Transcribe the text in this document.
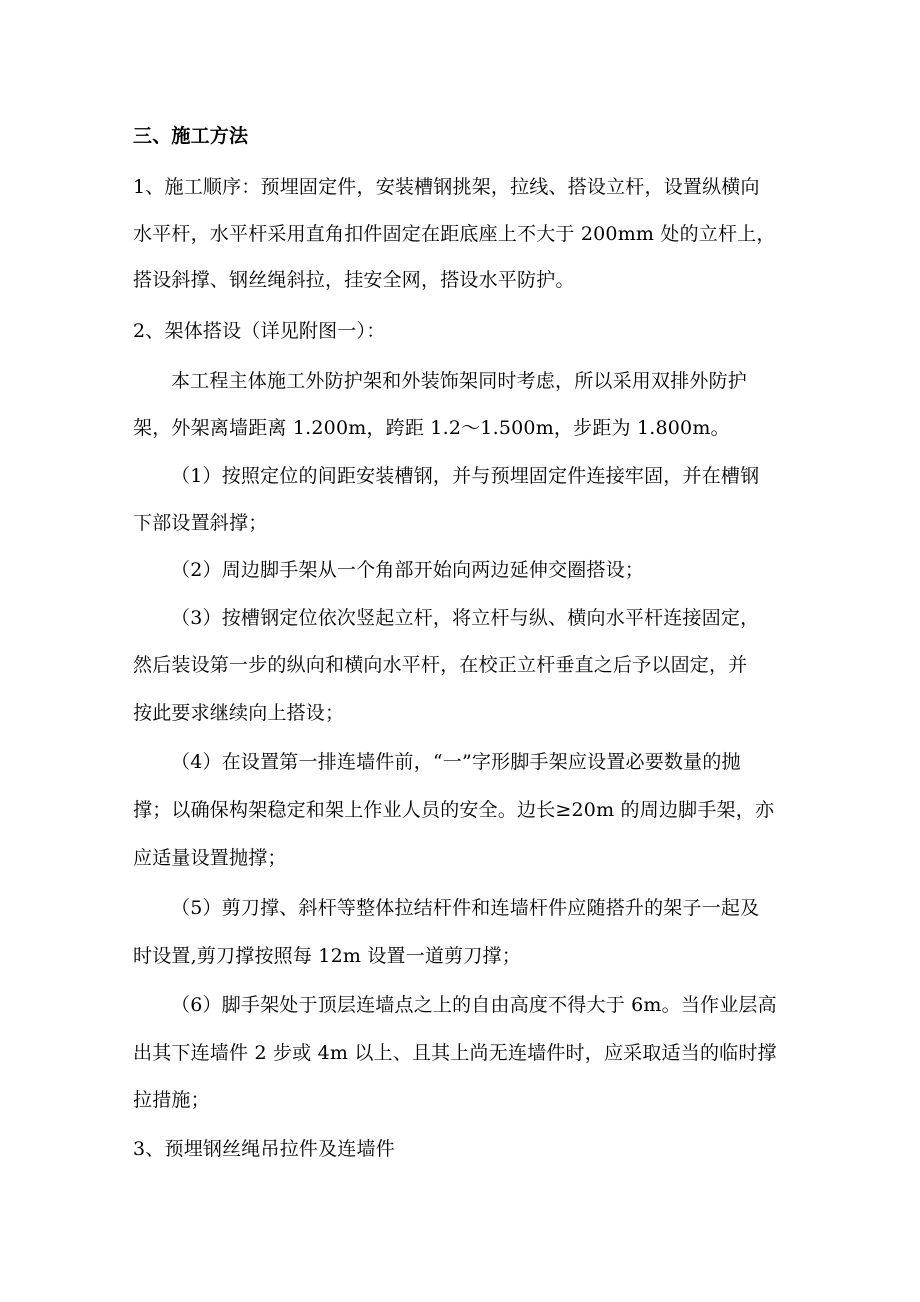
三、施工方法
1、施工顺序：预埋固定件，安装槽钢挑架，拉线、搭设立杆，设置纵横向
水平杆，水平杆采用直角扣件固定在距底座上不大于 200mm 处的立杆上，
搭设斜撑、钢丝绳斜拉，挂安全网，搭设水平防护。
2、架体搭设（详见附图一）：
本工程主体施工外防护架和外装饰架同时考虑，所以采用双排外防护
架，外架离墙距离 1.200m，跨距 1.2～1.500m，步距为 1.800m。
（1）按照定位的间距安装槽钢，并与预埋固定件连接牢固，并在槽钢
下部设置斜撑；
（2）周边脚手架从一个角部开始向两边延伸交圈搭设；
（3）按槽钢定位依次竖起立杆，将立杆与纵、横向水平杆连接固定，
然后装设第一步的纵向和横向水平杆，在校正立杆垂直之后予以固定，并
按此要求继续向上搭设；
（4）在设置第一排连墙件前，“一”字形脚手架应设置必要数量的抛
撑；以确保构架稳定和架上作业人员的安全。边长≥20m 的周边脚手架，亦
应适量设置抛撑；
（5）剪刀撑、斜杆等整体拉结杆件和连墙杆件应随搭升的架子一起及
时设置,剪刀撑按照每 12m 设置一道剪刀撑；
（6）脚手架处于顶层连墙点之上的自由高度不得大于 6m。当作业层高
出其下连墙件 2 步或 4m 以上、且其上尚无连墙件时，应采取适当的临时撑
拉措施；
3、预埋钢丝绳吊拉件及连墙件
